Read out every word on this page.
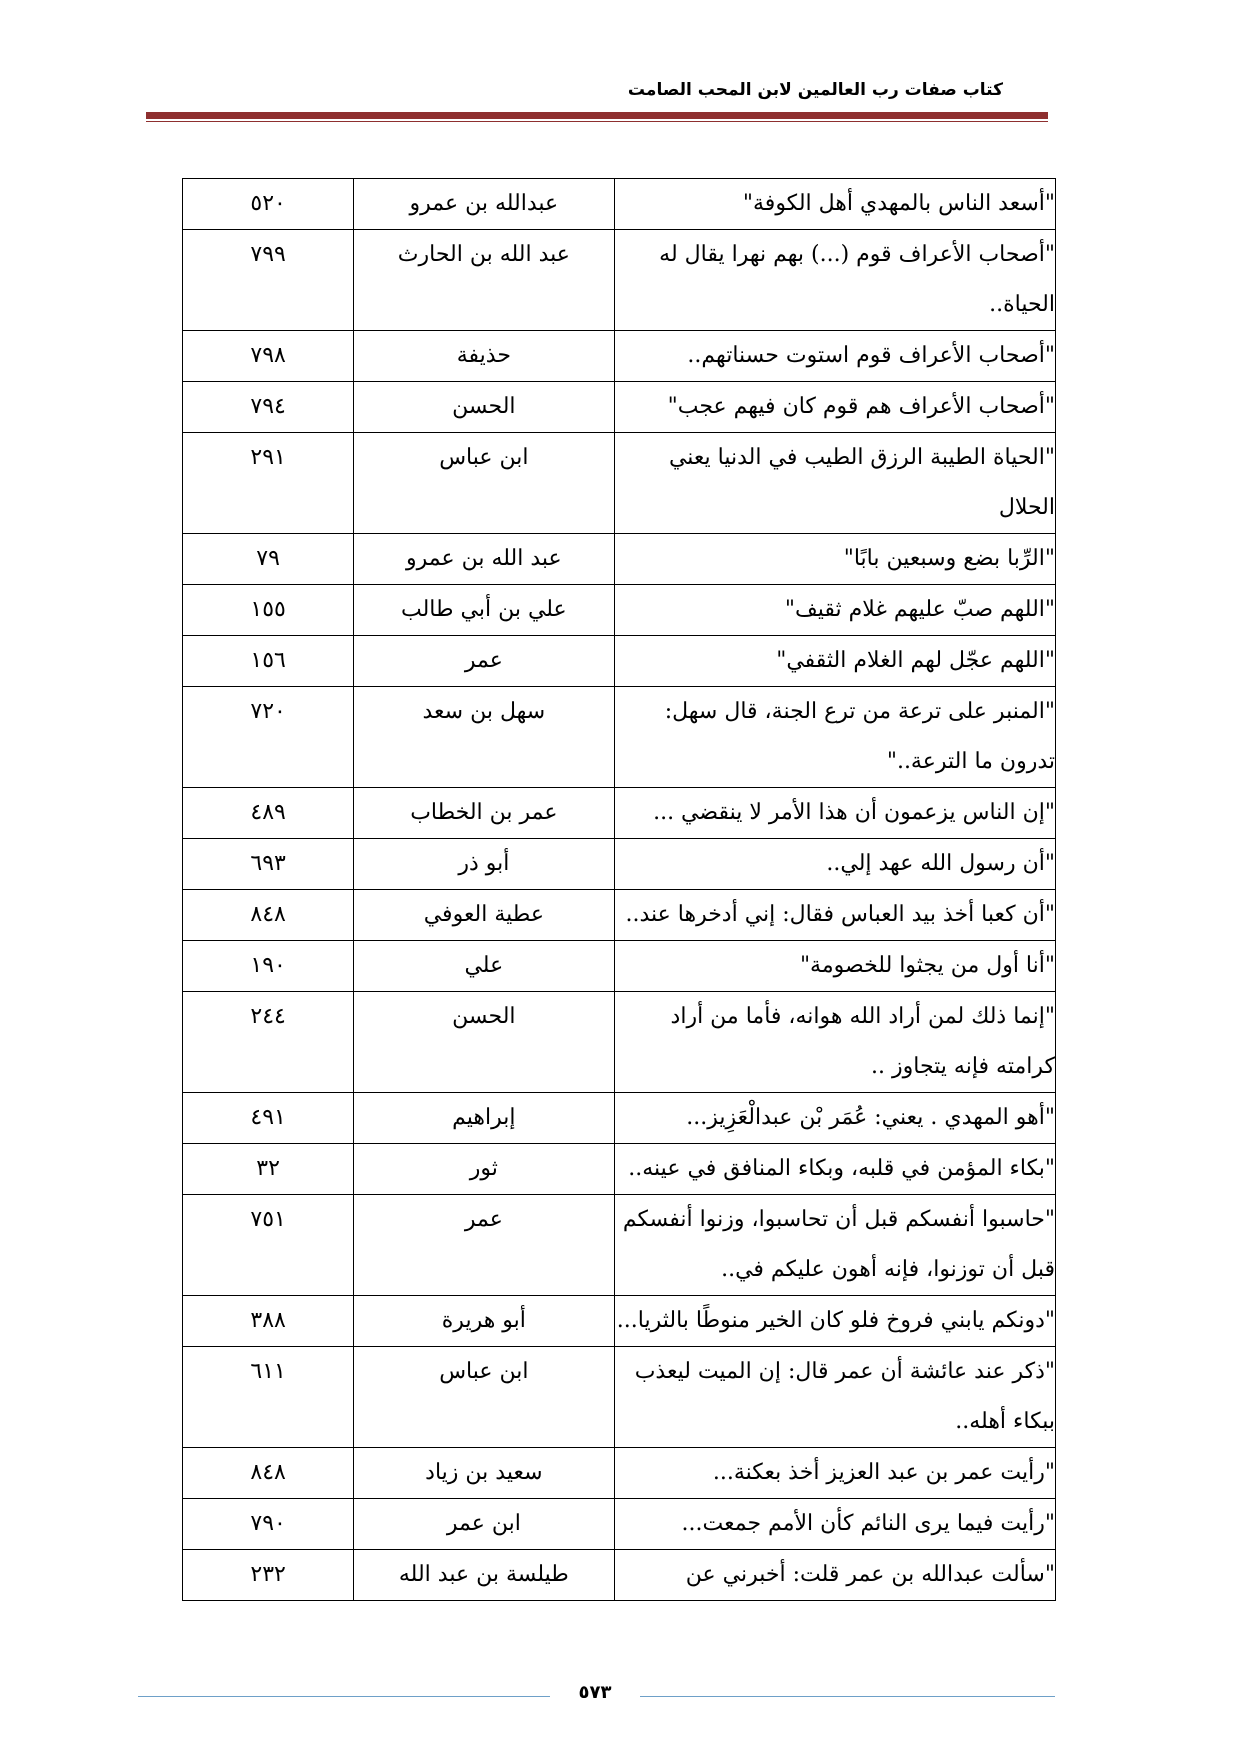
كتاب صفات رب العالمين لابن المحب الصامت
"أسعد الناس بالمهدي أهل الكوفة"	عبدالله بن عمرو	٥٢٠
"أصحاب الأعراف قوم (...) بهم نهرا يقال له الحياة..	عبد الله بن الحارث	٧٩٩
"أصحاب الأعراف قوم استوت حسناتهم..	حذيفة	٧٩٨
"أصحاب الأعراف هم قوم كان فيهم عجب"	الحسن	٧٩٤
"الحياة الطيبة الرزق الطيب في الدنيا يعني الحلال	ابن عباس	٢٩١
"الرِّبا بضع وسبعين بابًا"	عبد الله بن عمرو	٧٩
"اللهم صبّ عليهم غلام ثقيف"	علي بن أبي طالب	١٥٥
"اللهم عجّل لهم الغلام الثقفي"	عمر	١٥٦
"المنبر على ترعة من ترع الجنة، قال سهل: تدرون ما الترعة.."	سهل بن سعد	٧٢٠
"إن الناس يزعمون أن هذا الأمر لا ينقضي ...	عمر بن الخطاب	٤٨٩
"أن رسول الله عهد إلي..	أبو ذر	٦٩٣
"أن كعبا أخذ بيد العباس فقال: إني أدخرها عند..	عطية العوفي	٨٤٨
"أنا أول من يجثوا للخصومة"	علي	١٩٠
"إنما ذلك لمن أراد الله هوانه، فأما من أراد كرامته فإنه يتجاوز ..	الحسن	٢٤٤
"أهو المهدي . يعني: عُمَر بْن عبدالْعَزِيز...	إبراهيم	٤٩١
"بكاء المؤمن في قلبه، وبكاء المنافق في عينه..	ثور	٣٢
"حاسبوا أنفسكم قبل أن تحاسبوا، وزنوا أنفسكم قبل أن توزنوا، فإنه أهون عليكم في..	عمر	٧٥١
"دونكم يابني فروخ فلو كان الخير منوطًا بالثريا...	أبو هريرة	٣٨٨
"ذكر عند عائشة أن عمر قال: إن الميت ليعذب ببكاء أهله..	ابن عباس	٦١١
"رأيت عمر بن عبد العزيز أخذ بعكنة...	سعيد بن زياد	٨٤٨
"رأيت فيما يرى النائم كأن الأمم جمعت...	ابن عمر	٧٩٠
"سألت عبدالله بن عمر قلت: أخبرني عن	طيلسة بن عبد الله	٢٣٢
٥٧٣
